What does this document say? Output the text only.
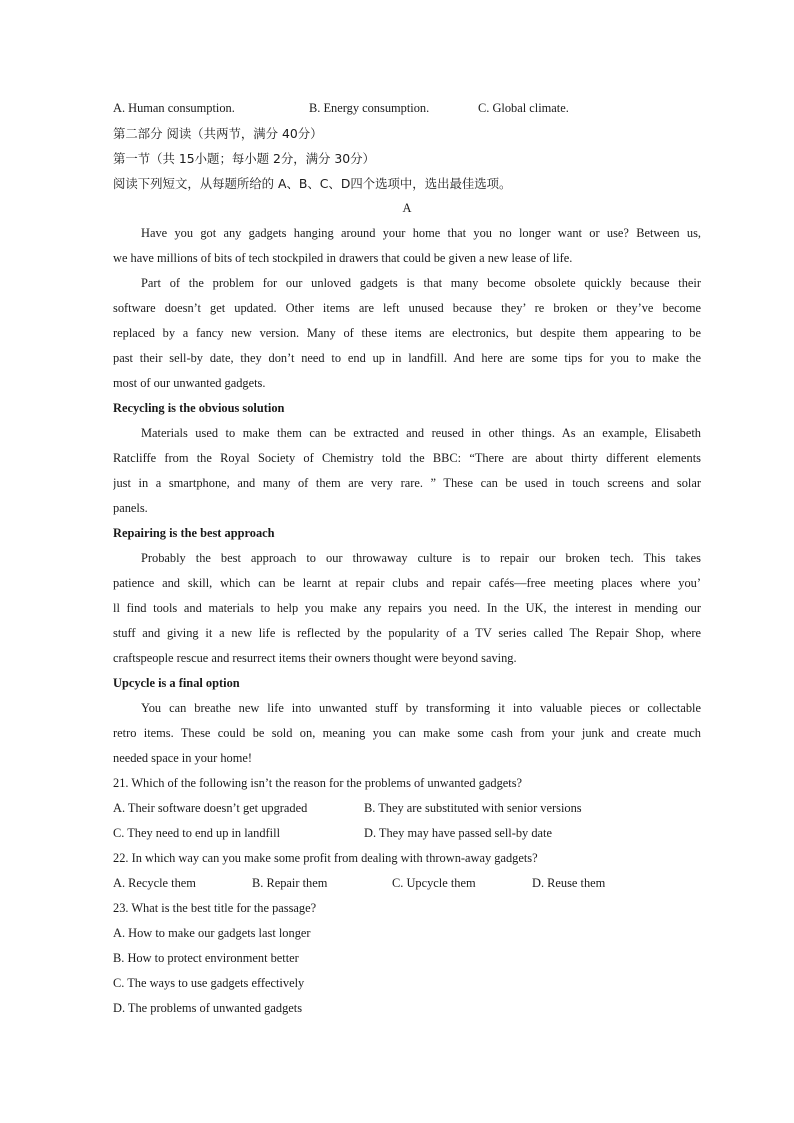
A. Human consumption.	B. Energy consumption.	C. Global climate.
第二部分 阅读（共两节，满分 40分）
第一节（共 15小题；每小题 2分，满分 30分）
阅读下列短文，从每题所给的 A、B、C、D四个选项中，选出最佳选项。
A
Have you got any gadgets hanging around your home that you no longer want or use? Between us,
we have millions of bits of tech stockpiled in drawers that could be given a new lease of life.
Part of the problem for our unloved gadgets is that many become obsolete quickly because their
software doesn’t get updated. Other items are left unused because they’ re broken or they’ve become
replaced by a fancy new version. Many of these items are electronics, but despite them appearing to be
past their sell-by date, they don’t need to end up in landfill. And here are some tips for you to make the
most of our unwanted gadgets.
Recycling is the obvious solution
Materials used to make them can be extracted and reused in other things. As an example, Elisabeth
Ratcliffe from the Royal Society of Chemistry told the BBC: “There are about thirty different elements
just in a smartphone, and many of them are very rare. ” These can be used in touch screens and solar
panels.
Repairing is the best approach
Probably the best approach to our throwaway culture is to repair our broken tech. This takes
patience and skill, which can be learnt at repair clubs and repair cafés—free meeting places where you’
ll find tools and materials to help you make any repairs you need. In the UK, the interest in mending our
stuff and giving it a new life is reflected by the popularity of a TV series called The Repair Shop, where
craftspeople rescue and resurrect items their owners thought were beyond saving.
Upcycle is a final option
You can breathe new life into unwanted stuff by transforming it into valuable pieces or collectable
retro items. These could be sold on, meaning you can make some cash from your junk and create much
needed space in your home!
21. Which of the following isn’t the reason for the problems of unwanted gadgets?
A. Their software doesn’t get upgraded	B. They are substituted with senior versions
C. They need to end up in landfill	D. They may have passed sell-by date
22. In which way can you make some profit from dealing with thrown-away gadgets?
A. Recycle them	B. Repair them	C. Upcycle them	D. Reuse them
23. What is the best title for the passage?
A. How to make our gadgets last longer
B. How to protect environment better
C. The ways to use gadgets effectively
D. The problems of unwanted gadgets
